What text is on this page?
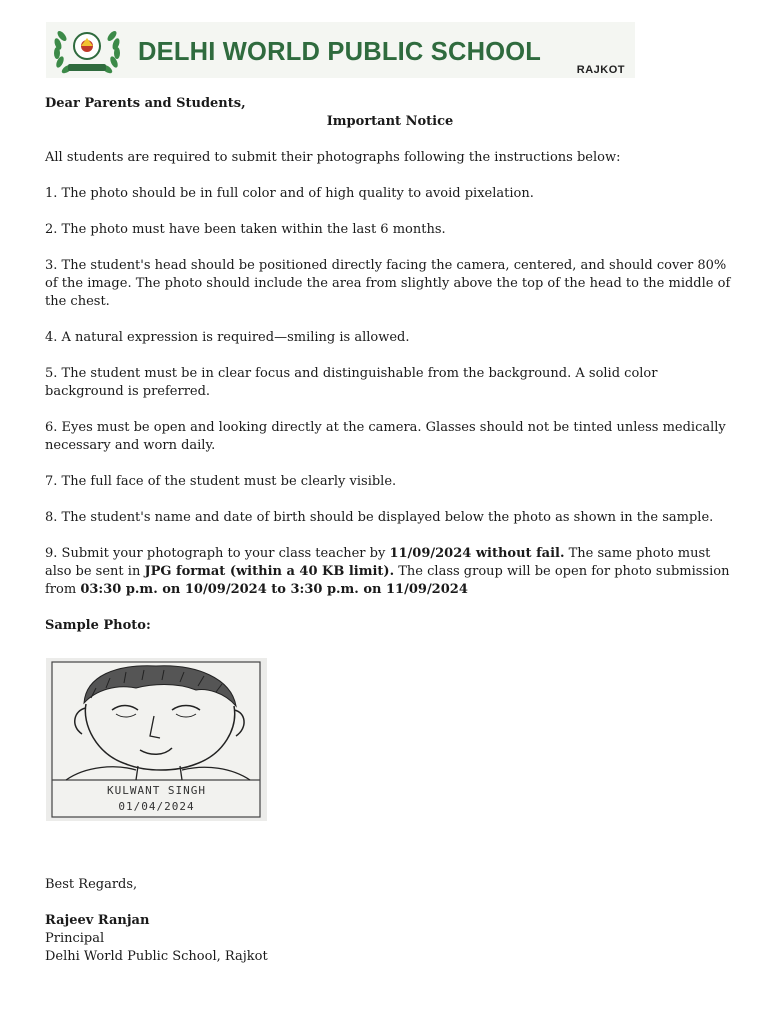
DELHI WORLD PUBLIC SCHOOL
RAJKOT

Dear Parents and Students,

Important Notice

All students are required to submit their photographs following the instructions below:

1. The photo should be in full color and of high quality to avoid pixelation.

2. The photo must have been taken within the last 6 months.

3. The student's head should be positioned directly facing the camera, centered, and should cover 80% of the image. The photo should include the area from slightly above the top of the head to the middle of the chest.

4. A natural expression is required—smiling is allowed.

5. The student must be in clear focus and distinguishable from the background. A solid color background is preferred.

6. Eyes must be open and looking directly at the camera. Glasses should not be tinted unless medically necessary and worn daily.

7. The full face of the student must be clearly visible.

8. The student's name and date of birth should be displayed below the photo as shown in the sample.

9. Submit your photograph to your class teacher by 11/09/2024 without fail. The same photo must also be sent in JPG format (within a 40 KB limit). The class group will be open for photo submission from 03:30 p.m. on 10/09/2024 to 3:30 p.m. on 11/09/2024

Sample Photo:

KULWANT SINGH
01/04/2024

Best Regards,

Rajeev Ranjan

Principal

Delhi World Public School, Rajkot
